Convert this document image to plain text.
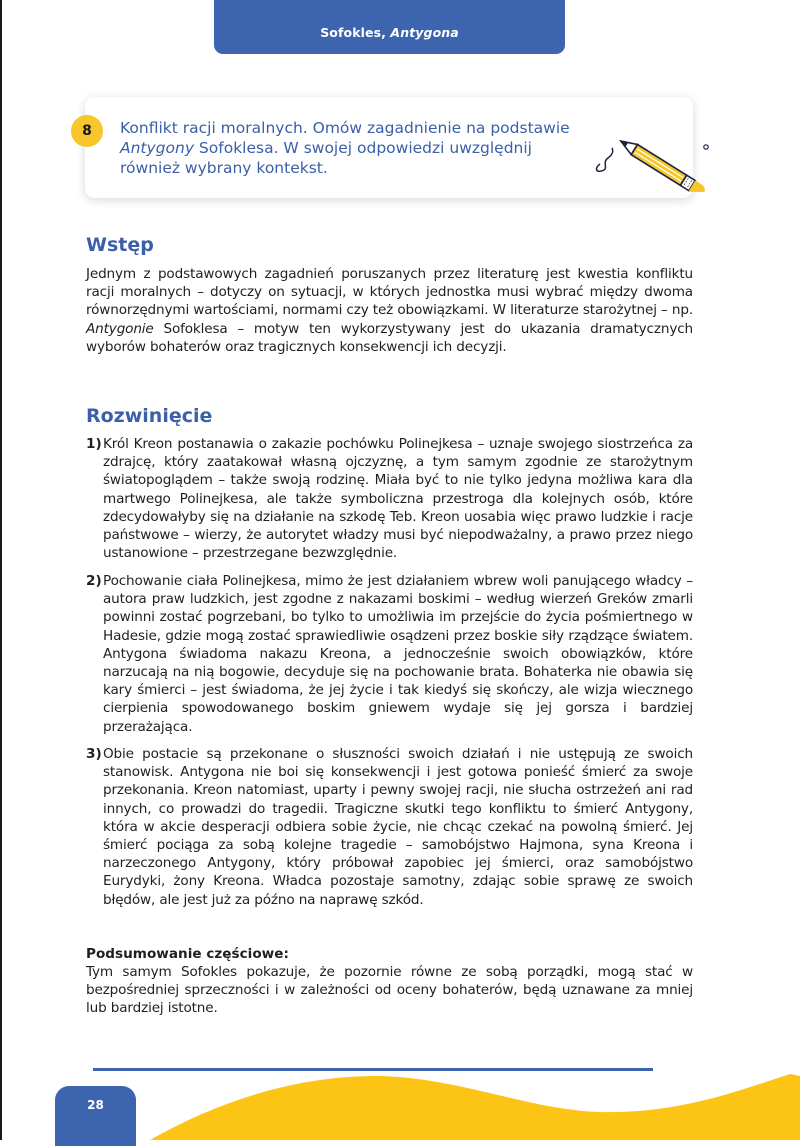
Sofokles, Antygona
8	Konflikt racji moralnych. Omów zagadnienie na podstawie Antygony Sofoklesa. W swojej odpowiedzi uwzględnij również wybrany kontekst.
Wstęp
Jednym z podstawowych zagadnień poruszanych przez literaturę jest kwestia konfliktu racji moralnych – dotyczy on sytuacji, w których jednostka musi wybrać między dwoma równorzędnymi wartościami, normami czy też obowiązkami. W literaturze starożytnej – np. Antygonie Sofoklesa – motyw ten wykorzystywany jest do ukazania dramatycznych wyborów bohaterów oraz tragicznych konsekwencji ich decyzji.
Rozwinięcie
1) Król Kreon postanawia o zakazie pochówku Polinejkesa – uznaje swojego siostrzeńca za zdrajcę, który zaatakował własną ojczyznę, a tym samym zgodnie ze starożytnym światopoglądem – także swoją rodzinę. Miała być to nie tylko jedyna możliwa kara dla martwego Polinejkesa, ale także symboliczna przestroga dla kolejnych osób, które zdecydowałyby się na działanie na szkodę Teb. Kreon uosabia więc prawo ludzkie i racje państwowe – wierzy, że autorytet władzy musi być niepodważalny, a prawo przez niego ustanowione – przestrzegane bezwzględnie.
2) Pochowanie ciała Polinejkesa, mimo że jest działaniem wbrew woli panującego władcy – autora praw ludzkich, jest zgodne z nakazami boskimi – według wierzeń Greków zmarli powinni zostać pogrzebani, bo tylko to umożliwia im przejście do życia pośmiertnego w Hadesie, gdzie mogą zostać sprawiedliwie osądzeni przez boskie siły rządzące światem. Antygona świadoma nakazu Kreona, a jednocześnie swoich obowiązków, które narzucają na nią bogowie, decyduje się na pochowanie brata. Bohaterka nie obawia się kary śmierci – jest świadoma, że jej życie i tak kiedyś się skończy, ale wizja wiecznego cierpienia spowodowanego boskim gniewem wydaje się jej gorsza i bardziej przerażająca.
3) Obie postacie są przekonane o słuszności swoich działań i nie ustępują ze swoich stanowisk. Antygona nie boi się konsekwencji i jest gotowa ponieść śmierć za swoje przekonania. Kreon natomiast, uparty i pewny swojej racji, nie słucha ostrzeżeń ani rad innych, co prowadzi do tragedii. Tragiczne skutki tego konfliktu to śmierć Antygony, która w akcie desperacji odbiera sobie życie, nie chcąc czekać na powolną śmierć. Jej śmierć pociąga za sobą kolejne tragedie – samobójstwo Hajmona, syna Kreona i narzeczonego Antygony, który próbował zapobiec jej śmierci, oraz samobójstwo Eurydyki, żony Kreona. Władca pozostaje samotny, zdając sobie sprawę ze swoich błędów, ale jest już za późno na naprawę szkód.
Podsumowanie częściowe:
Tym samym Sofokles pokazuje, że pozornie równe ze sobą porządki, mogą stać w bezpośredniej sprzeczności i w zależności od oceny bohaterów, będą uznawane za mniej lub bardziej istotne.
28
